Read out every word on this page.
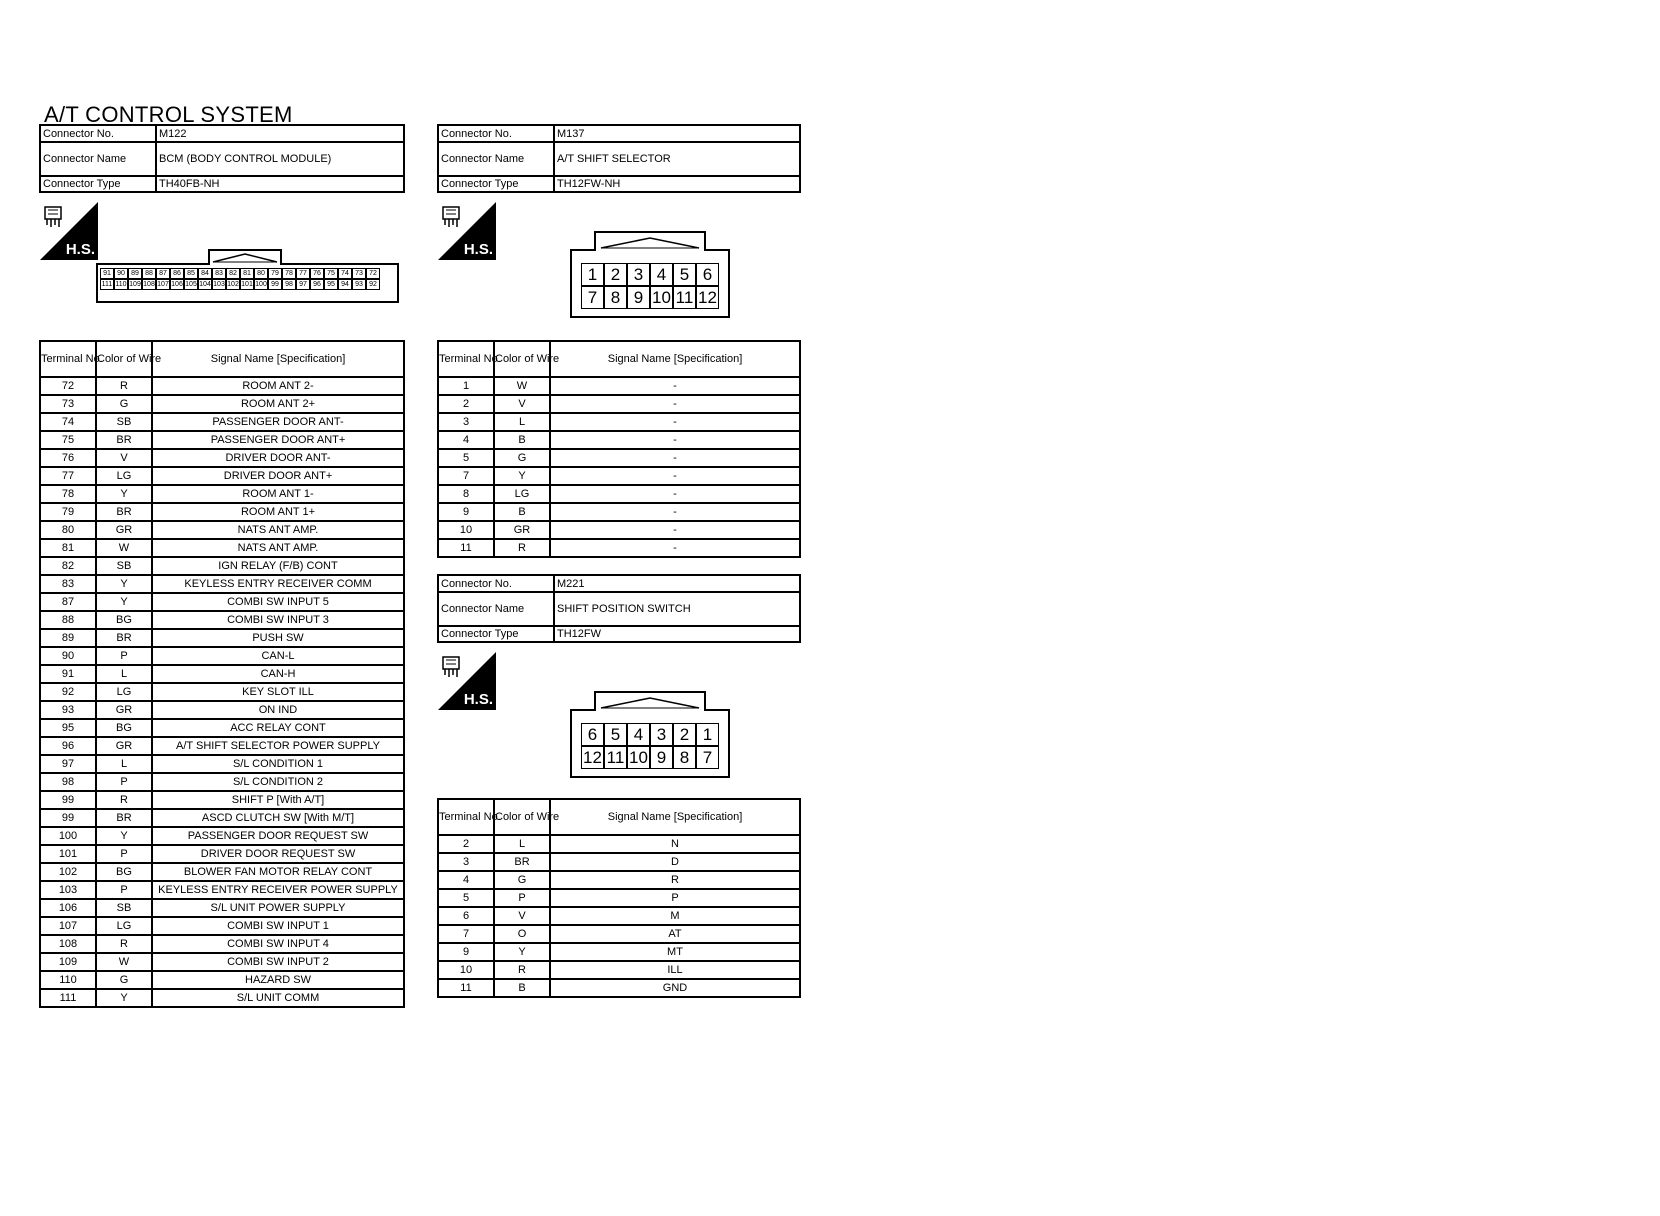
A/T CONTROL SYSTEM
Connector No.	M122
Connector Name	BCM (BODY CONTROL MODULE)
Connector Type	TH40FB-NH
Connector No.	M137
Connector Name	A/T SHIFT SELECTOR
Connector Type	TH12FW-NH
Connector No.	M221
Connector Name	SHIFT POSITION SWITCH
Connector Type	TH12FW
H.S.	H.S.
H.S.
91 90 89 88 87 86 85 84 83 82 81 80 79 78 77 76 75 74 73 72
111 110 109 108 107 106 105 104 103 102 101 100 99 98 97 96 95 94 93 92
1 2 3 4 5 6
7 8 9 10 11 12
6 5 4 3 2 1
12 11 10 9 8 7
Terminal No.	Color of Wire	Signal Name [Specification]
72	R	ROOM ANT 2-
73	G	ROOM ANT 2+
74	SB	PASSENGER DOOR ANT-
75	BR	PASSENGER DOOR ANT+
76	V	DRIVER DOOR ANT-
77	LG	DRIVER DOOR ANT+
78	Y	ROOM ANT 1-
79	BR	ROOM ANT 1+
80	GR	NATS ANT AMP.
81	W	NATS ANT AMP.
82	SB	IGN RELAY (F/B) CONT
83	Y	KEYLESS ENTRY RECEIVER COMM
87	Y	COMBI SW INPUT 5
88	BG	COMBI SW INPUT 3
89	BR	PUSH SW
90	P	CAN-L
91	L	CAN-H
92	LG	KEY SLOT ILL
93	GR	ON IND
95	BG	ACC RELAY CONT
96	GR	A/T SHIFT SELECTOR POWER SUPPLY
97	L	S/L CONDITION 1
98	P	S/L CONDITION 2
99	R	SHIFT P [With A/T]
99	BR	ASCD CLUTCH SW [With M/T]
100	Y	PASSENGER DOOR REQUEST SW
101	P	DRIVER DOOR REQUEST SW
102	BG	BLOWER FAN MOTOR RELAY CONT
103	P	KEYLESS ENTRY RECEIVER POWER SUPPLY
106	SB	S/L UNIT POWER SUPPLY
107	LG	COMBI SW INPUT 1
108	R	COMBI SW INPUT 4
109	W	COMBI SW INPUT 2
110	G	HAZARD SW
111	Y	S/L UNIT COMM
Terminal No.	Color of Wire	Signal Name [Specification]
1	W	-
2	V	-
3	L	-
4	B	-
5	G	-
7	Y	-
8	LG	-
9	B	-
10	GR	-
11	R	-
Terminal No.	Color of Wire	Signal Name [Specification]
2	L	N
3	BR	D
4	G	R
5	P	P
6	V	M
7	O	AT
9	Y	MT
10	R	ILL
11	B	GND
